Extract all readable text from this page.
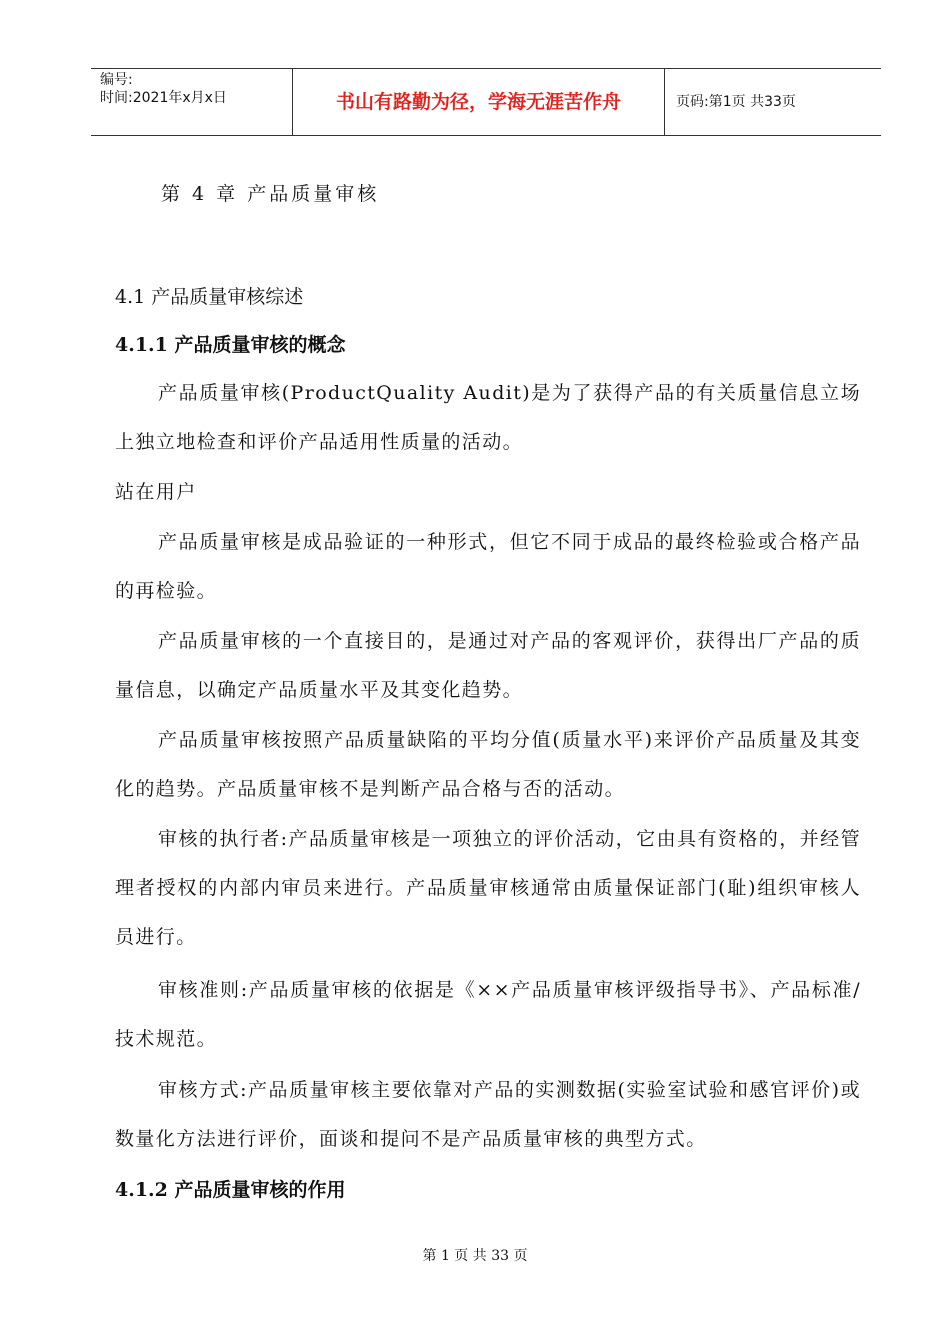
编号:
时间:2021年x月x日	书山有路勤为径，学海无涯苦作舟	页码:第1页 共33页
第 4 章 产品质量审核
4.1 产品质量审核综述
4.1.1 产品质量审核的概念

产品质量审核(ProductQuality Audit)是为了获得产品的有关质量信息立场上独立地检查和评价产品适用性质量的活动。

站在用户

产品质量审核是成品验证的一种形式，但它不同于成品的最终检验或合格产品的再检验。

产品质量审核的一个直接目的，是通过对产品的客观评价，获得出厂产品的质量信息，以确定产品质量水平及其变化趋势。

产品质量审核按照产品质量缺陷的平均分值(质量水平)来评价产品质量及其变化的趋势。产品质量审核不是判断产品合格与否的活动。

审核的执行者:产品质量审核是一项独立的评价活动，它由具有资格的，并经管理者授权的内部内审员来进行。产品质量审核通常由质量保证部门(耻)组织审核人员进行。

审核准则:产品质量审核的依据是《××产品质量审核评级指导书》、产品标准/技术规范。

审核方式:产品质量审核主要依靠对产品的实测数据(实验室试验和感官评价)或数量化方法进行评价，面谈和提问不是产品质量审核的典型方式。

4.1.2 产品质量审核的作用
第 1 页 共 33 页
